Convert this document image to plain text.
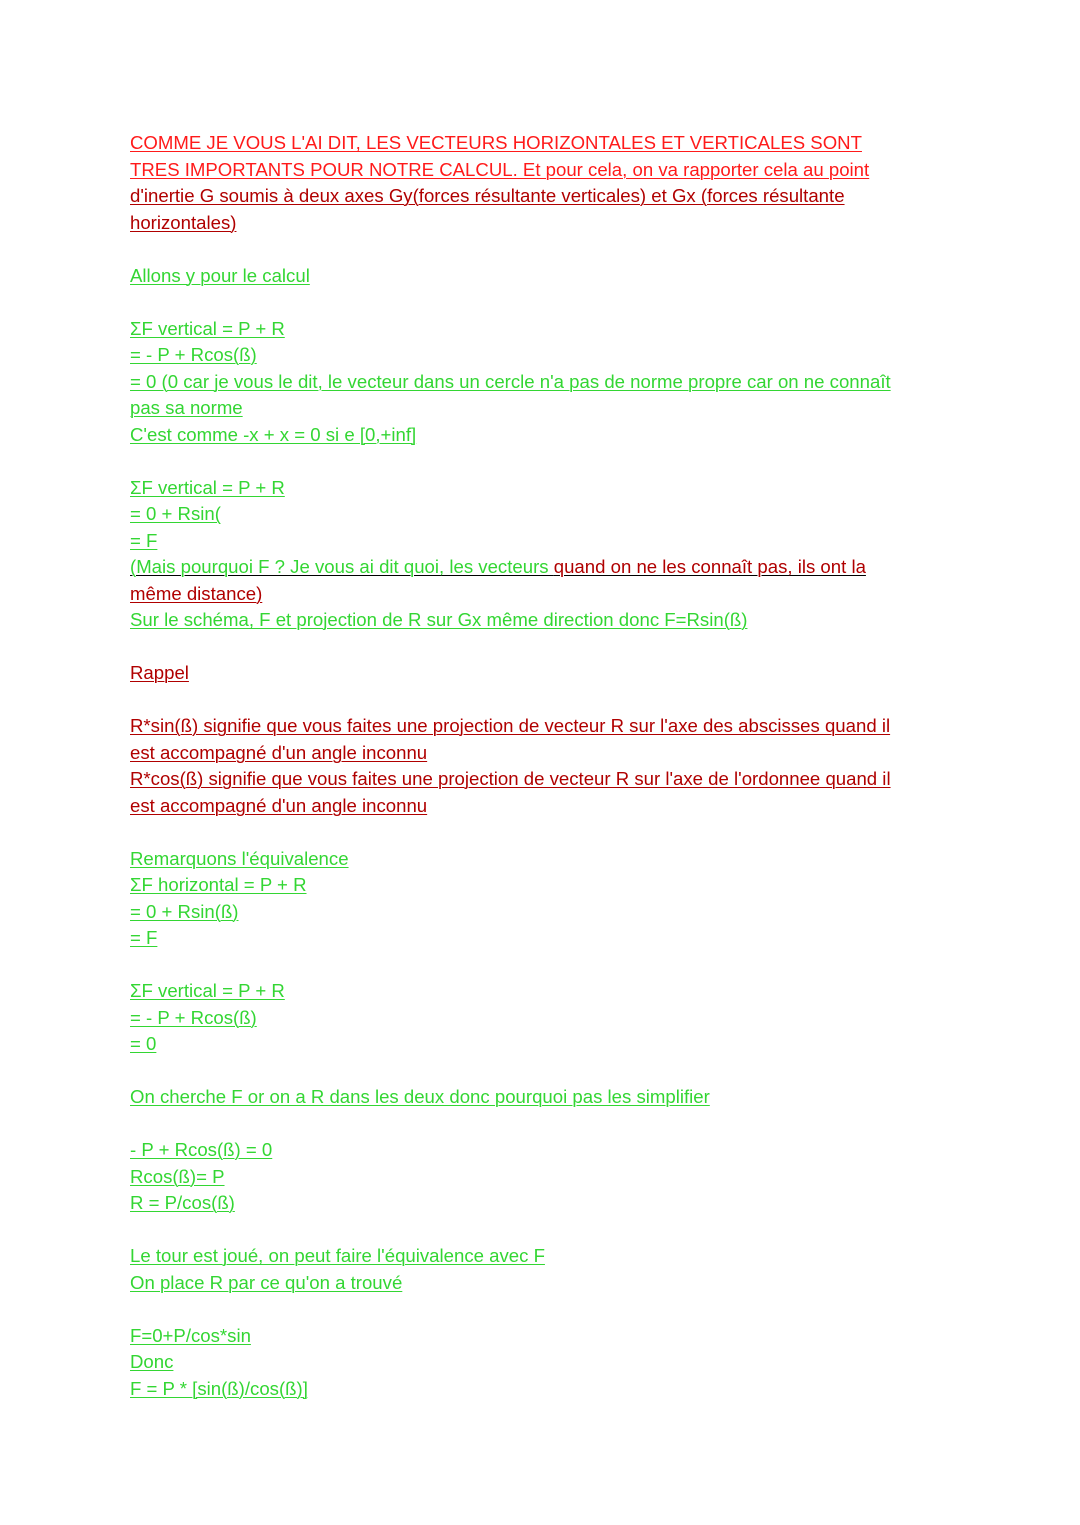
COMME JE VOUS L'AI DIT, LES VECTEURS HORIZONTALES ET VERTICALES SONT
TRES IMPORTANTS POUR NOTRE CALCUL. Et pour cela, on va rapporter cela au point
d'inertie G soumis à deux axes Gy(forces résultante verticales) et Gx (forces résultante
horizontales)
Allons y pour le calcul
ΣF vertical = P + R
= - P + Rcos(ß)
= 0 (0 car je vous le dit, le vecteur dans un cercle n'a pas de norme propre car on ne connaît
pas sa norme
C'est comme -x + x = 0 si e [0,+inf]
ΣF vertical = P + R
= 0 + Rsin(
= F
(Mais pourquoi F ? Je vous ai dit quoi, les vecteurs quand on ne les connaît pas, ils ont la
même distance)
Sur le schéma, F et projection de R sur Gx même direction donc F=Rsin(ß)
Rappel
R*sin(ß) signifie que vous faites une projection de vecteur R sur l'axe des abscisses quand il
est accompagné d'un angle inconnu
R*cos(ß) signifie que vous faites une projection de vecteur R sur l'axe de l'ordonnee quand il
est accompagné d'un angle inconnu
Remarquons l'équivalence
ΣF horizontal = P + R
= 0 + Rsin(ß)
= F
ΣF vertical = P + R
= - P + Rcos(ß)
= 0
On cherche F or on a R dans les deux donc pourquoi pas les simplifier
- P + Rcos(ß) = 0
Rcos(ß)= P
R = P/cos(ß)
Le tour est joué, on peut faire l'équivalence avec F
On place R par ce qu'on a trouvé
F=0+P/cos*sin
Donc
F = P * [sin(ß)/cos(ß)]
